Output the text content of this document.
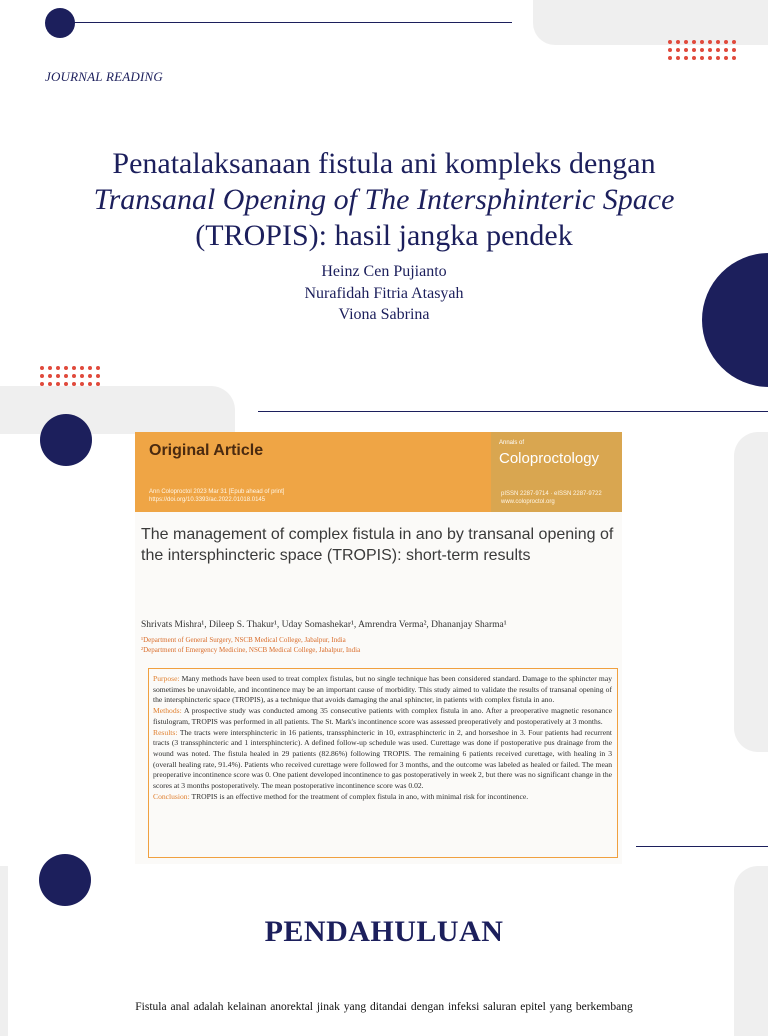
JOURNAL READING
Penatalaksanaan fistula ani kompleks dengan
Transanal Opening of The Intersphinteric Space
(TROPIS): hasil jangka pendek
Heinz Cen Pujianto
Nurafidah Fitria Atasyah
Viona Sabrina
Original Article
Ann Coloproctol 2023 Mar 31 [Epub ahead of print]
https://doi.org/10.3393/ac.2022.01018.0145
Annals of
Coloproctology
pISSN 2287-9714 · eISSN 2287-9722
www.coloproctol.org
The management of complex fistula in ano by transanal opening of the intersphincteric space (TROPIS): short-term results
Shrivats Mishra¹, Dileep S. Thakur¹, Uday Somashekar¹, Amrendra Verma², Dhananjay Sharma¹
¹Department of General Surgery, NSCB Medical College, Jabalpur, India
²Department of Emergency Medicine, NSCB Medical College, Jabalpur, India
Purpose: Many methods have been used to treat complex fistulas, but no single technique has been considered standard. Damage to the sphincter may sometimes be unavoidable, and incontinence may be an important cause of morbidity. This study aimed to validate the results of transanal opening of the intersphincteric space (TROPIS), as a technique that avoids damaging the anal sphincter, in patients with complex fistula in ano.
Methods: A prospective study was conducted among 35 consecutive patients with complex fistula in ano. After a preoperative magnetic resonance fistulogram, TROPIS was performed in all patients. The St. Mark's incontinence score was assessed preoperatively and postoperatively at 3 months.
Results: The tracts were intersphincteric in 16 patients, transsphincteric in 10, extrasphincteric in 2, and horseshoe in 3. Four patients had recurrent tracts (3 transsphincteric and 1 intersphincteric). A defined follow-up schedule was used. Curettage was done if postoperative pus drainage from the wound was noted. The fistula healed in 29 patients (82.86%) following TROPIS. The remaining 6 patients received curettage, with healing in 3 (overall healing rate, 91.4%). Patients who received curettage were followed for 3 months, and the outcome was labeled as healed or failed. The mean preoperative incontinence score was 0. One patient developed incontinence to gas postoperatively in week 2, but there was no significant change in the scores at 3 months postoperatively. The mean postoperative incontinence score was 0.02.
Conclusion: TROPIS is an effective method for the treatment of complex fistula in ano, with minimal risk for incontinence.
PENDAHULUAN
Fistula anal adalah kelainan anorektal jinak yang ditandai dengan infeksi saluran epitel yang berkembang
